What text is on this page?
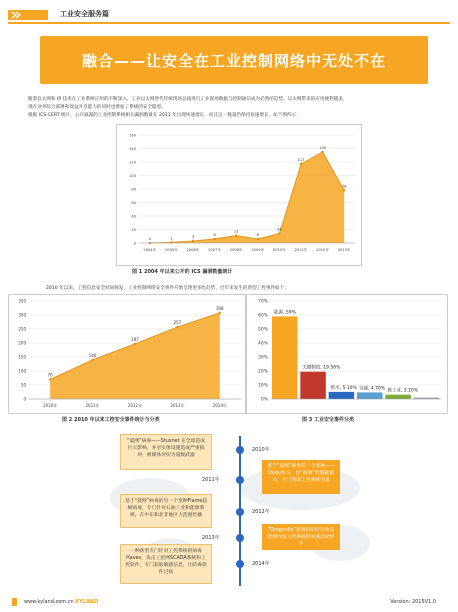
工业安全服务篇
融合——让安全在工业控制网络中无处不在

随着以太网和 IP 技术在工业系统应用的不断深入，工业以太网替代传统现场总线进行工业现场数据与控制通信成为必然的趋势。以太网带来的应用便利越多，

现在业务综合部署和效益共享能力的同时也增加了系统的安全隐患。

根据 ICS-CERT 统计，公开披露的工业控制系统相关漏洞数量在 2011 年出现快速增长，而且这一数量仍保持快速增长，如下图所示：

0
20
40
60
80
100
120
140
160
0
2004年
1
2005年
3
2006年
6
2007年
11
2008年
6
2009年
14
2010年
117
2011年
135
2012年
78
2013年
图 1 2004 年以来公开的 ICS 漏洞数量统计
2010 年以来，工控信息安全时间频发，工业控制网络安全事件开始呈现更多化趋势，近年来发生的典型工控事件如下：
0
50
100
150
200
250
300
350
70
2010年
140
2011年
197
2012年
257
2013年
308
2014年
图 2 2010 年以来工控安全事件统计与分类
0%
10%
20%
30%
40%
50%
60%
70%
能源, 59%
关键制造, 19.50%
供水, 5.10% 交通, 4.70% 核工业, 3.10%
图 3 工业安全事件分类
2010年
2011年
2012年
2013年
2014年
“震网”病毒——Stuxnet 在全球造成巨大影响，并对实体设施造成严重损坏，被媒体评价为超级武器
基于“震网”病毒的一个变种——Duqu木马，比“震网”更隐蔽强大，专门窃取工业系统信息
基于“震网”病毒的另一个变种Flame超级病毒，专门针对石油工业和能源系统，在中东和北非地区大范围传播
“Dragonfly”黑客组织针对欧美能源行业工控系统的间谍活动事件
一种新型专门针对工控系统的病毒Havex，攻击工控网SCADA系统和工控软件，专门获取敏感信息，让防毒软件过载
www.kyland.com.cn KYLAND	Version: 2015V1.0
